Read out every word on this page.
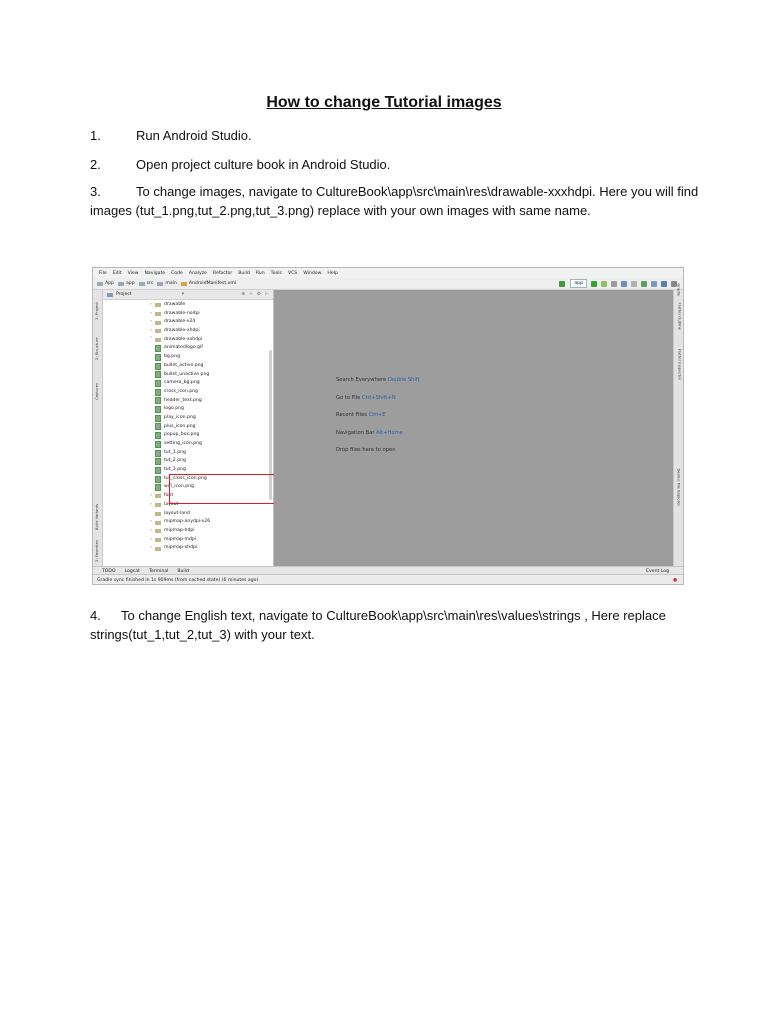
How to change Tutorial images
1.	Run Android Studio.
2.	Open project culture book in Android Studio.
3.	To change images, navigate to CultureBook\app\src\main\res\drawable-xxxhdpi. Here you will find images (tut_1.png,tut_2.png,tut_3.png) replace with your own images with same name.
4. To change English text, navigate to CultureBook\app\src\main\res\values\strings , Here replace strings(tut_1,tut_2,tut_3) with your text.
File Edit View Navigate Code Analyze Refactor Build Run Tools VCS Window Help
App	app	src	main	AndroidManifest.xml	app
1: Project
2: Structure
Captures
Build Variants
2: Favorites
Project	▾	⊕ ÷ ⚙ ⊢
›	drawable
›	drawable-nodpi
›	drawable-v24
›	drawable-xhdpi
˅	drawable-xxhdpi
animatedlogo.gif
bg.png
bullet_active.png
bullet_unactive.png
camera_bg.png
cross_icon.png
header_text.png
logo.png
play_icon.png
plus_icon.png
popup_box.png
setting_icon.png
tut_1.png
tut_2.png
tut_3.png
tut_cross_icon.png
wifi_icon.png
›	font
›	layout
layout-land
›	mipmap-anydpi-v26
›	mipmap-hdpi
›	mipmap-mdpi
›	mipmap-xhdpi
Search Everywhere Double Shift
Go to File Ctrl+Shift+N
Recent Files Ctrl+E
Navigation Bar Alt+Home
Drop files here to open
Gradle
Flutter Outline
Flutter Inspector
Device File Explorer
TODO Logcat Terminal Build	Event Log
Gradle sync finished in 1s 909ms (from cached state) (6 minutes ago)	●
